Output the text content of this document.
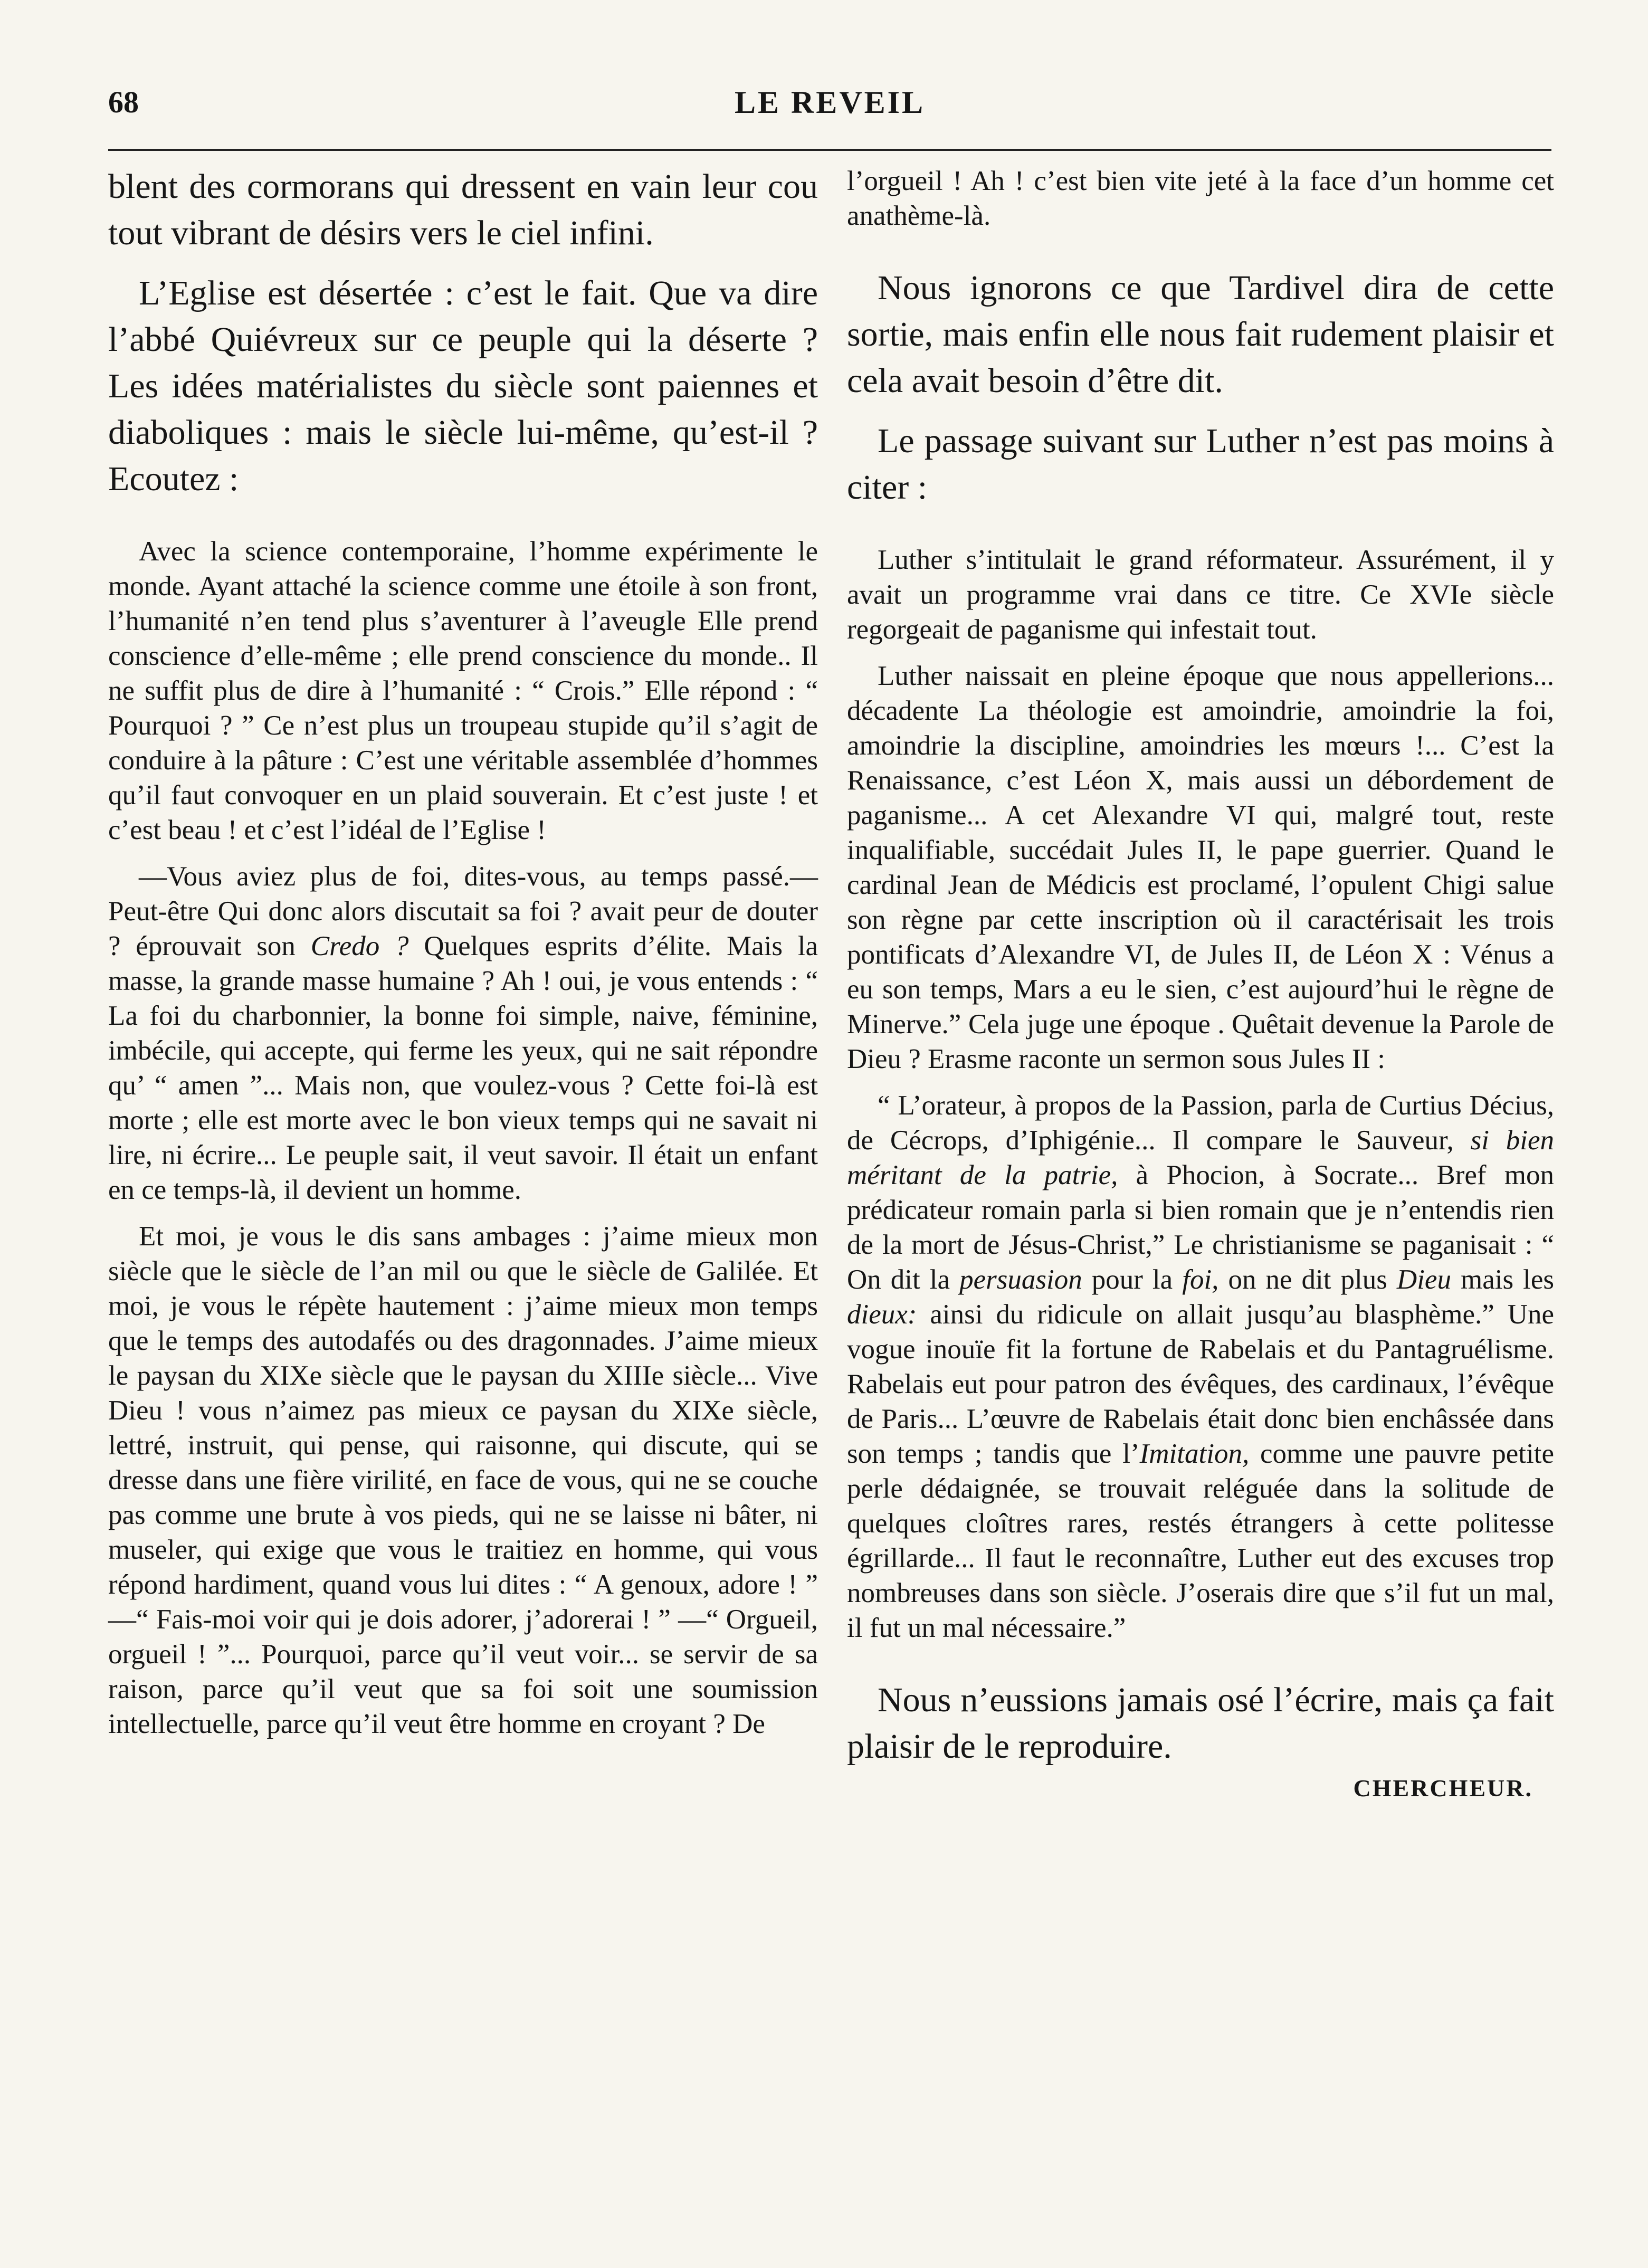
68	LE REVEIL

blent des cormorans qui dressent en vain leur cou tout vibrant de désirs vers le ciel infini.

L’Eglise est désertée : c’est le fait. Que va dire l’abbé Quiévreux sur ce peuple qui la déserte ? Les idées matérialistes du siècle sont paiennes et diaboliques : mais le siècle lui-même, qu’est-il ? Ecoutez :

Avec la science contemporaine, l’homme expérimente le monde. Ayant attaché la science comme une étoile à son front, l’humanité n’en tend plus s’aventurer à l’aveugle Elle prend conscience d’elle-même ; elle prend conscience du monde.. Il ne suffit plus de dire à l’humanité : “ Crois.” Elle répond : “ Pourquoi ? ” Ce n’est plus un troupeau stupide qu’il s’agit de conduire à la pâture : C’est une véritable assemblée d’hommes qu’il faut convoquer en un plaid souverain. Et c’est juste ! et c’est beau ! et c’est l’idéal de l’Eglise !

—Vous aviez plus de foi, dites-vous, au temps passé.—Peut-être Qui donc alors discutait sa foi ? avait peur de douter ? éprouvait son Credo ? Quelques esprits d’élite. Mais la masse, la grande masse humaine ? Ah ! oui, je vous entends : “ La foi du charbonnier, la bonne foi simple, naive, féminine, imbécile, qui accepte, qui ferme les yeux, qui ne sait répondre qu’ “ amen ”... Mais non, que voulez-vous ? Cette foi-là est morte ; elle est morte avec le bon vieux temps qui ne savait ni lire, ni écrire... Le peuple sait, il veut savoir. Il était un enfant en ce temps-là, il devient un homme.

Et moi, je vous le dis sans ambages : j’aime mieux mon siècle que le siècle de l’an mil ou que le siècle de Galilée. Et moi, je vous le répète hautement : j’aime mieux mon temps que le temps des autodafés ou des dragonnades. J’aime mieux le paysan du XIXe siècle que le paysan du XIIIe siècle... Vive Dieu ! vous n’aimez pas mieux ce paysan du XIXe siècle, lettré, instruit, qui pense, qui raisonne, qui discute, qui se dresse dans une fière virilité, en face de vous, qui ne se couche pas comme une brute à vos pieds, qui ne se laisse ni bâter, ni museler, qui exige que vous le traitiez en homme, qui vous répond hardiment, quand vous lui dites : “ A genoux, adore ! ” —“ Fais-moi voir qui je dois adorer, j’adorerai ! ” —“ Orgueil, orgueil ! ”... Pourquoi, parce qu’il veut voir... se servir de sa raison, parce qu’il veut que sa foi soit une soumission intellectuelle, parce qu’il veut être homme en croyant ? De

l’orgueil ! Ah ! c’est bien vite jeté à la face d’un homme cet anathème-là.

Nous ignorons ce que Tardivel dira de cette sortie, mais enfin elle nous fait rudement plaisir et cela avait besoin d’être dit.

Le passage suivant sur Luther n’est pas moins à citer :

Luther s’intitulait le grand réformateur. Assurément, il y avait un programme vrai dans ce titre. Ce XVIe siècle regorgeait de paganisme qui infestait tout.

Luther naissait en pleine époque que nous appellerions... décadente La théologie est amoindrie, amoindrie la foi, amoindrie la discipline, amoindries les mœurs !... C’est la Renaissance, c’est Léon X, mais aussi un débordement de paganisme... A cet Alexandre VI qui, malgré tout, reste inqualifiable, succédait Jules II, le pape guerrier. Quand le cardinal Jean de Médicis est proclamé, l’opulent Chigi salue son règne par cette inscription où il caractérisait les trois pontificats d’Alexandre VI, de Jules II, de Léon X : Vénus a eu son temps, Mars a eu le sien, c’est aujourd’hui le règne de Minerve.” Cela juge une époque . Quêtait devenue la Parole de Dieu ? Erasme raconte un sermon sous Jules II :

“ L’orateur, à propos de la Passion, parla de Curtius Décius, de Cécrops, d’Iphigénie... Il compare le Sauveur, si bien méritant de la patrie, à Phocion, à Socrate... Bref mon prédicateur romain parla si bien romain que je n’entendis rien de la mort de Jésus-Christ,” Le christianisme se paganisait : “ On dit la persuasion pour la foi, on ne dit plus Dieu mais les dieux: ainsi du ridicule on allait jusqu’au blasphème.” Une vogue inouïe fit la fortune de Rabelais et du Pantagruélisme. Rabelais eut pour patron des évêques, des cardinaux, l’évêque de Paris... L’œuvre de Rabelais était donc bien enchâssée dans son temps ; tandis que l’Imitation, comme une pauvre petite perle dédaignée, se trouvait reléguée dans la solitude de quelques cloîtres rares, restés étrangers à cette politesse égrillarde... Il faut le reconnaître, Luther eut des excuses trop nombreuses dans son siècle. J’oserais dire que s’il fut un mal, il fut un mal nécessaire.”

Nous n’eussions jamais osé l’écrire, mais ça fait plaisir de le reproduire.

CHERCHEUR.
